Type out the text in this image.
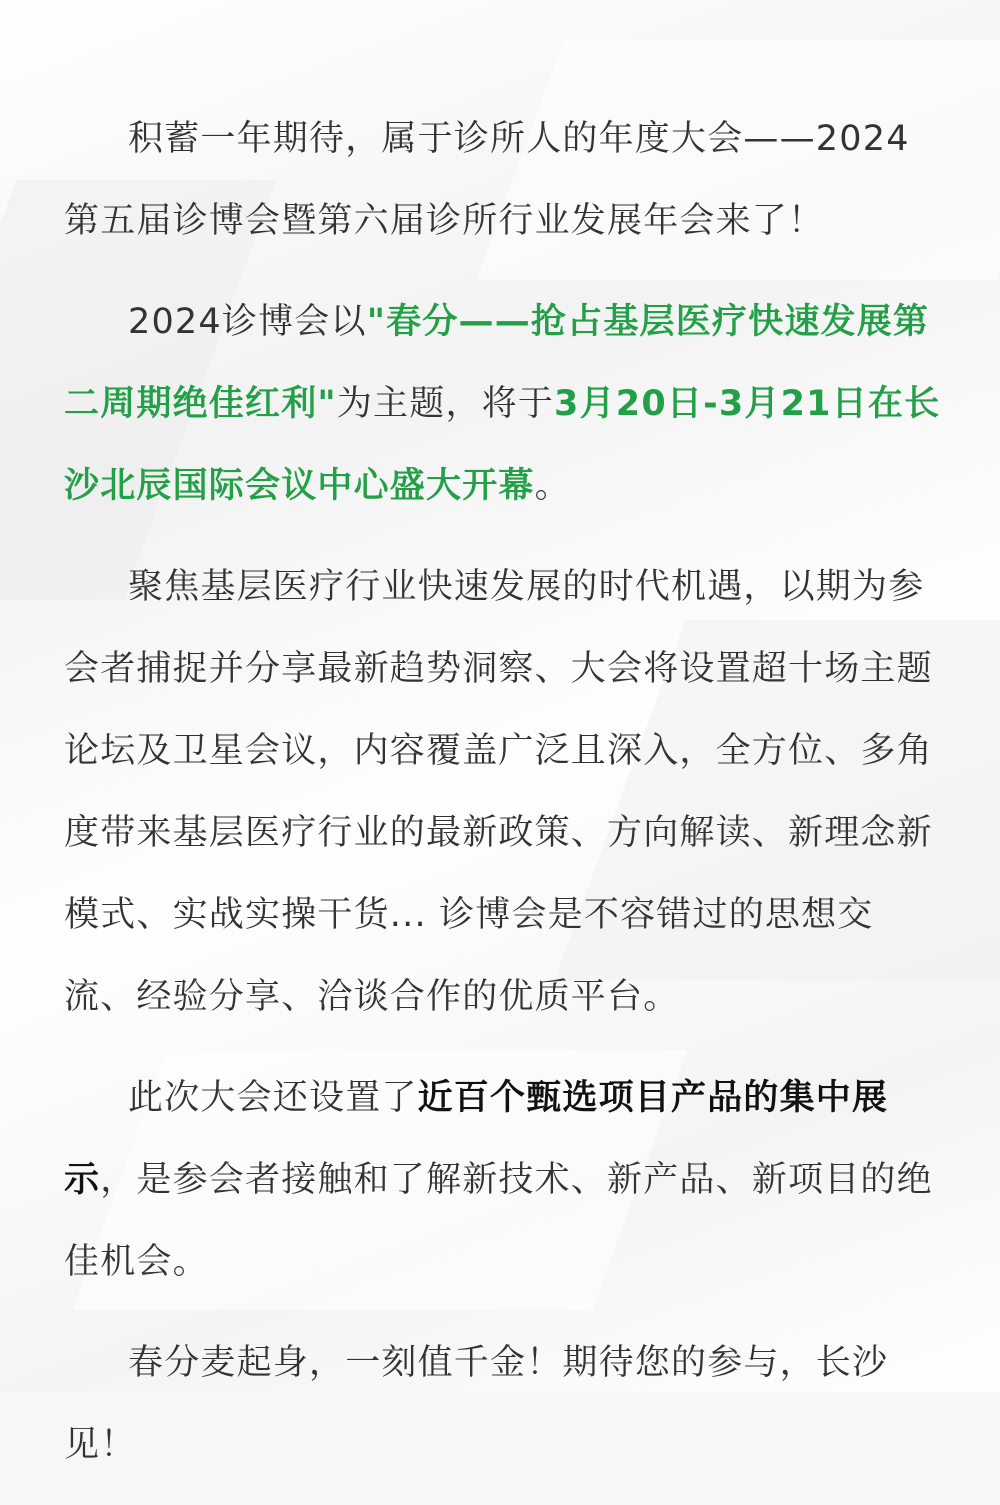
积蓄一年期待，属于诊所人的年度大会——2024第五届诊博会暨第六届诊所行业发展年会来了！

2024诊博会以"春分——抢占基层医疗快速发展第二周期绝佳红利"为主题，将于3月20日-3月21日在长沙北辰国际会议中心盛大开幕。

聚焦基层医疗行业快速发展的时代机遇，以期为参会者捕捉并分享最新趋势洞察、大会将设置超十场主题论坛及卫星会议，内容覆盖广泛且深入，全方位、多角度带来基层医疗行业的最新政策、方向解读、新理念新模式、实战实操干货... 诊博会是不容错过的思想交流、经验分享、洽谈合作的优质平台。

此次大会还设置了近百个甄选项目产品的集中展示，是参会者接触和了解新技术、新产品、新项目的绝佳机会。

春分麦起身，一刻值千金！期待您的参与，长沙见！
